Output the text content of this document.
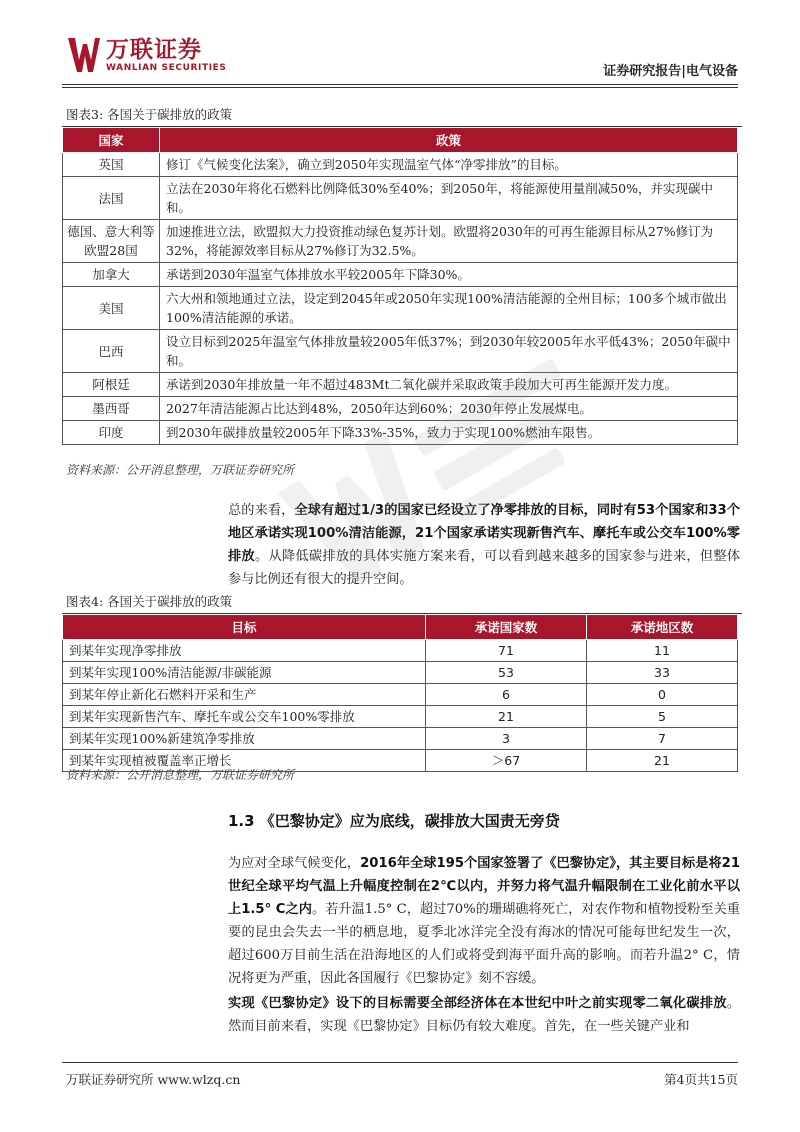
万联证券
WANLIAN SECURITIES	证券研究报告|电气设备
图表3: 各国关于碳排放的政策
国家	政策
英国	修订《气候变化法案》，确立到2050年实现温室气体“净零排放”的目标。
法国	立法在2030年将化石燃料比例降低30%至40%；到2050年，将能源使用量削减50%，并实现碳中和。
德国、意大利等欧盟28国	加速推进立法，欧盟拟大力投资推动绿色复苏计划。欧盟将2030年的可再生能源目标从27%修订为32%，将能源效率目标从27%修订为32.5%。
加拿大	承诺到2030年温室气体排放水平较2005年下降30%。
美国	六大州和领地通过立法，设定到2045年或2050年实现100%清洁能源的全州目标；100多个城市做出100%清洁能源的承诺。
巴西	设立目标到2025年温室气体排放量较2005年低37%；到2030年较2005年水平低43%；2050年碳中和。
阿根廷	承诺到2030年排放量一年不超过483Mt二氧化碳并采取政策手段加大可再生能源开发力度。
墨西哥	2027年清洁能源占比达到48%，2050年达到60%；2030年停止发展煤电。
印度	到2030年碳排放量较2005年下降33%-35%，致力于实现100%燃油车限售。
资料来源：公开消息整理，万联证券研究所
总的来看，全球有超过1/3的国家已经设立了净零排放的目标，同时有53个国家和33个地区承诺实现100%清洁能源，21个国家承诺实现新售汽车、摩托车或公交车100%零排放。从降低碳排放的具体实施方案来看，可以看到越来越多的国家参与进来，但整体参与比例还有很大的提升空间。
图表4: 各国关于碳排放的政策
目标	承诺国家数	承诺地区数
到某年实现净零排放	71	11
到某年实现100%清洁能源/非碳能源	53	33
到某年停止新化石燃料开采和生产	6	0
到某年实现新售汽车、摩托车或公交车100%零排放	21	5
到某年实现100%新建筑净零排放	3	7
到某年实现植被覆盖率正增长	＞67	21
资料来源：公开消息整理，万联证券研究所
1.3 《巴黎协定》应为底线，碳排放大国责无旁贷
为应对全球气候变化，2016年全球195个国家签署了《巴黎协定》，其主要目标是将21世纪全球平均气温上升幅度控制在2℃以内，并努力将气温升幅限制在工业化前水平以上1.5° C之内。若升温1.5° C，超过70%的珊瑚礁将死亡，对农作物和植物授粉至关重要的昆虫会失去一半的栖息地，夏季北冰洋完全没有海冰的情况可能每世纪发生一次，超过600万目前生活在沿海地区的人们或将受到海平面升高的影响。而若升温2° C，情况将更为严重，因此各国履行《巴黎协定》刻不容缓。
实现《巴黎协定》设下的目标需要全部经济体在本世纪中叶之前实现零二氧化碳排放。然而目前来看，实现《巴黎协定》目标仍有较大难度。首先，在一些关键产业和
万联证券研究所 www.wlzq.cn	第4页共15页
